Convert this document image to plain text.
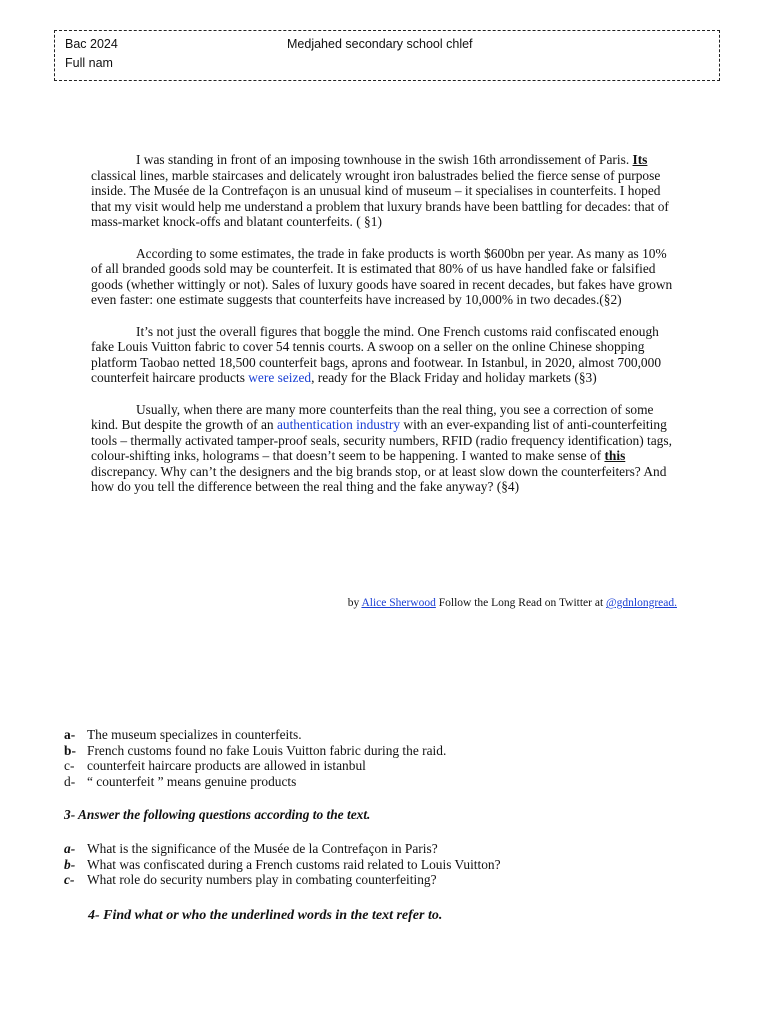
Bac 2024
Full nam
Medjahed secondary school chlef

I was standing in front of an imposing townhouse in the swish 16th arrondissement of Paris. Its classical lines, marble staircases and delicately wrought iron balustrades belied the fierce sense of purpose inside. The Musée de la Contrefaçon is an unusual kind of museum – it specialises in counterfeits. I hoped that my visit would help me understand a problem that luxury brands have been battling for decades: that of mass-market knock-offs and blatant counterfeits. ( §1)

According to some estimates, the trade in fake products is worth $600bn per year. As many as 10% of all branded goods sold may be counterfeit. It is estimated that 80% of us have handled fake or falsified goods (whether wittingly or not). Sales of luxury goods have soared in recent decades, but fakes have grown even faster: one estimate suggests that counterfeits have increased by 10,000% in two decades.(§2)

It’s not just the overall figures that boggle the mind. One French customs raid confiscated enough fake Louis Vuitton fabric to cover 54 tennis courts. A swoop on a seller on the online Chinese shopping platform Taobao netted 18,500 counterfeit bags, aprons and footwear. In Istanbul, in 2020, almost 700,000 counterfeit haircare products were seized, ready for the Black Friday and holiday markets (§3)

Usually, when there are many more counterfeits than the real thing, you see a correction of some kind. But despite the growth of an authentication industry with an ever-expanding list of anti-counterfeiting tools – thermally activated tamper-proof seals, security numbers, RFID (radio frequency identification) tags, colour-shifting inks, holograms – that doesn’t seem to be happening. I wanted to make sense of this discrepancy. Why can’t the designers and the big brands stop, or at least slow down the counterfeiters? And how do you tell the difference between the real thing and the fake anyway? (§4)

by Alice Sherwood Follow the Long Read on Twitter at @gdnlongread.
a- The museum specializes in counterfeits.
b- French customs found no fake Louis Vuitton fabric during the raid.
c- counterfeit haircare products are allowed in istanbul
d- “ counterfeit ” means genuine products
3- Answer the following questions according to the text.
a- What is the significance of the Musée de la Contrefaçon in Paris?
b- What was confiscated during a French customs raid related to Louis Vuitton?
c- What role do security numbers play in combating counterfeiting?
4- Find what or who the underlined words in the text refer to.
